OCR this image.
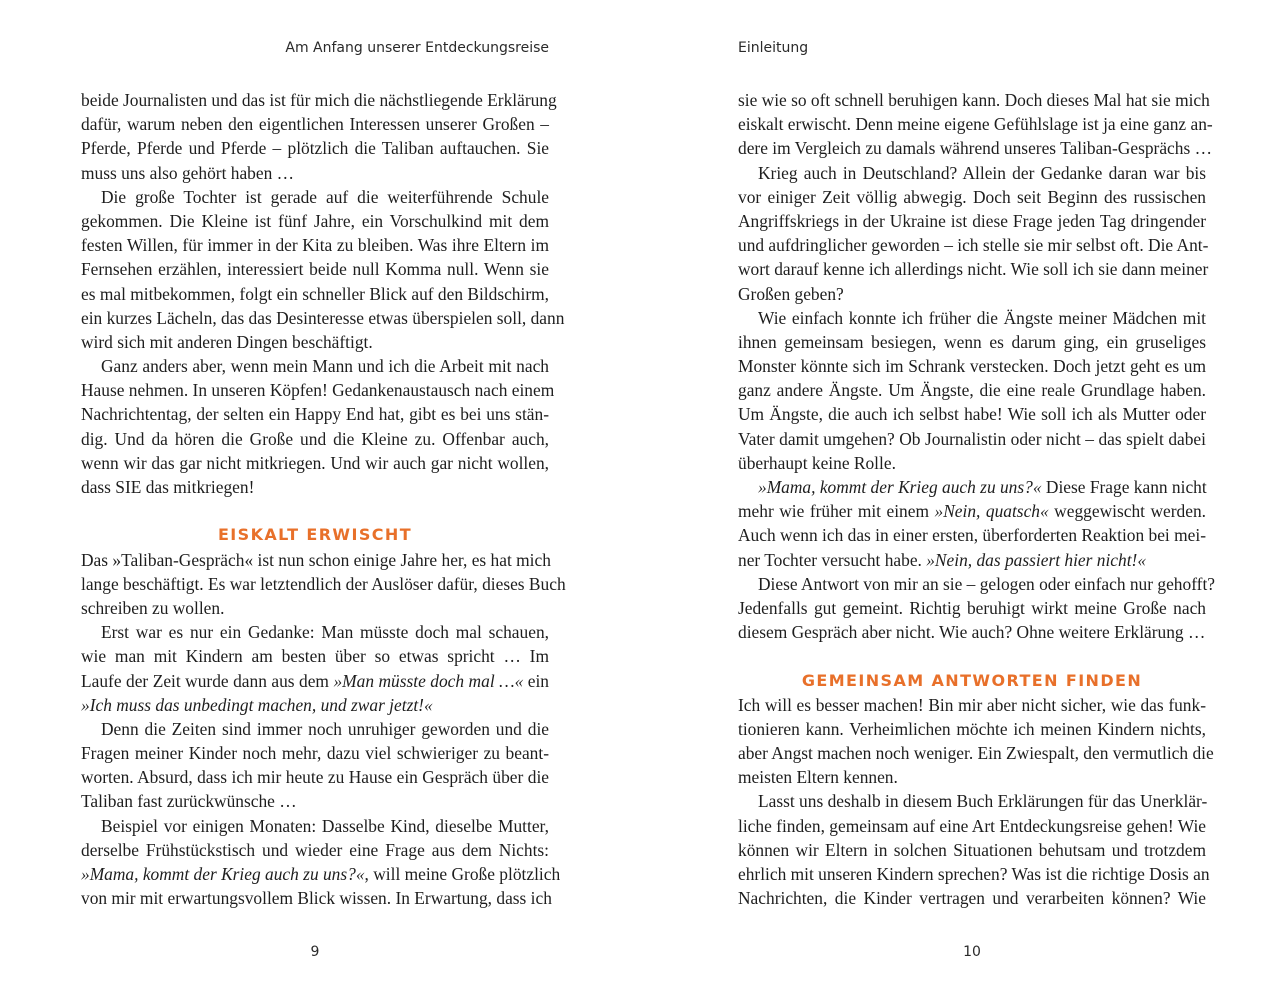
Am Anfang unserer Entdeckungsreise
beide Journalisten und das ist für mich die nächstliegende Erklärung
dafür, warum neben den eigentlichen Interessen unserer Großen –
Pferde, Pferde und Pferde – plötzlich die Taliban auftauchen. Sie
muss uns also gehört haben …
Die große Tochter ist gerade auf die weiterführende Schule
gekommen. Die Kleine ist fünf Jahre, ein Vorschulkind mit dem
festen Willen, für immer in der Kita zu bleiben. Was ihre Eltern im
Fernsehen erzählen, interessiert beide null Komma null. Wenn sie
es mal mitbekommen, folgt ein schneller Blick auf den Bildschirm,
ein kurzes Lächeln, das das Desinteresse etwas überspielen soll, dann
wird sich mit anderen Dingen beschäftigt.
Ganz anders aber, wenn mein Mann und ich die Arbeit mit nach
Hause nehmen. In unseren Köpfen! Gedankenaustausch nach einem
Nachrichtentag, der selten ein Happy End hat, gibt es bei uns stän-
dig. Und da hören die Große und die Kleine zu. Offenbar auch,
wenn wir das gar nicht mitkriegen. Und wir auch gar nicht wollen,
dass SIE das mitkriegen!
EISKALT ERWISCHT
Das »Taliban-Gespräch« ist nun schon einige Jahre her, es hat mich
lange beschäftigt. Es war letztendlich der Auslöser dafür, dieses Buch
schreiben zu wollen.
Erst war es nur ein Gedanke: Man müsste doch mal schauen,
wie man mit Kindern am besten über so etwas spricht … Im
Laufe der Zeit wurde dann aus dem »Man müsste doch mal …« ein
»Ich muss das unbedingt machen, und zwar jetzt!«
Denn die Zeiten sind immer noch unruhiger geworden und die
Fragen meiner Kinder noch mehr, dazu viel schwieriger zu beant-
worten. Absurd, dass ich mir heute zu Hause ein Gespräch über die
Taliban fast zurückwünsche …
Beispiel vor einigen Monaten: Dasselbe Kind, dieselbe Mutter,
derselbe Frühstückstisch und wieder eine Frage aus dem Nichts:
»Mama, kommt der Krieg auch zu uns?«, will meine Große plötzlich
von mir mit erwartungsvollem Blick wissen. In Erwartung, dass ich
9
Einleitung
sie wie so oft schnell beruhigen kann. Doch dieses Mal hat sie mich
eiskalt erwischt. Denn meine eigene Gefühlslage ist ja eine ganz an-
dere im Vergleich zu damals während unseres Taliban-Gesprächs …
Krieg auch in Deutschland? Allein der Gedanke daran war bis
vor einiger Zeit völlig abwegig. Doch seit Beginn des russischen
Angriffskriegs in der Ukraine ist diese Frage jeden Tag dringender
und aufdringlicher geworden – ich stelle sie mir selbst oft. Die Ant-
wort darauf kenne ich allerdings nicht. Wie soll ich sie dann meiner
Großen geben?
Wie einfach konnte ich früher die Ängste meiner Mädchen mit
ihnen gemeinsam besiegen, wenn es darum ging, ein gruseliges
Monster könnte sich im Schrank verstecken. Doch jetzt geht es um
ganz andere Ängste. Um Ängste, die eine reale Grundlage haben.
Um Ängste, die auch ich selbst habe! Wie soll ich als Mutter oder
Vater damit umgehen? Ob Journalistin oder nicht – das spielt dabei
überhaupt keine Rolle.
»Mama, kommt der Krieg auch zu uns?« Diese Frage kann nicht
mehr wie früher mit einem »Nein, quatsch« weggewischt werden.
Auch wenn ich das in einer ersten, überforderten Reaktion bei mei-
ner Tochter versucht habe. »Nein, das passiert hier nicht!«
Diese Antwort von mir an sie – gelogen oder einfach nur gehofft?
Jedenfalls gut gemeint. Richtig beruhigt wirkt meine Große nach
diesem Gespräch aber nicht. Wie auch? Ohne weitere Erklärung …
GEMEINSAM ANTWORTEN FINDEN
Ich will es besser machen! Bin mir aber nicht sicher, wie das funk-
tionieren kann. Verheimlichen möchte ich meinen Kindern nichts,
aber Angst machen noch weniger. Ein Zwiespalt, den vermutlich die
meisten Eltern kennen.
Lasst uns deshalb in diesem Buch Erklärungen für das Unerklär-
liche finden, gemeinsam auf eine Art Entdeckungsreise gehen! Wie
können wir Eltern in solchen Situationen behutsam und trotzdem
ehrlich mit unseren Kindern sprechen? Was ist die richtige Dosis an
Nachrichten, die Kinder vertragen und verarbeiten können? Wie
10
